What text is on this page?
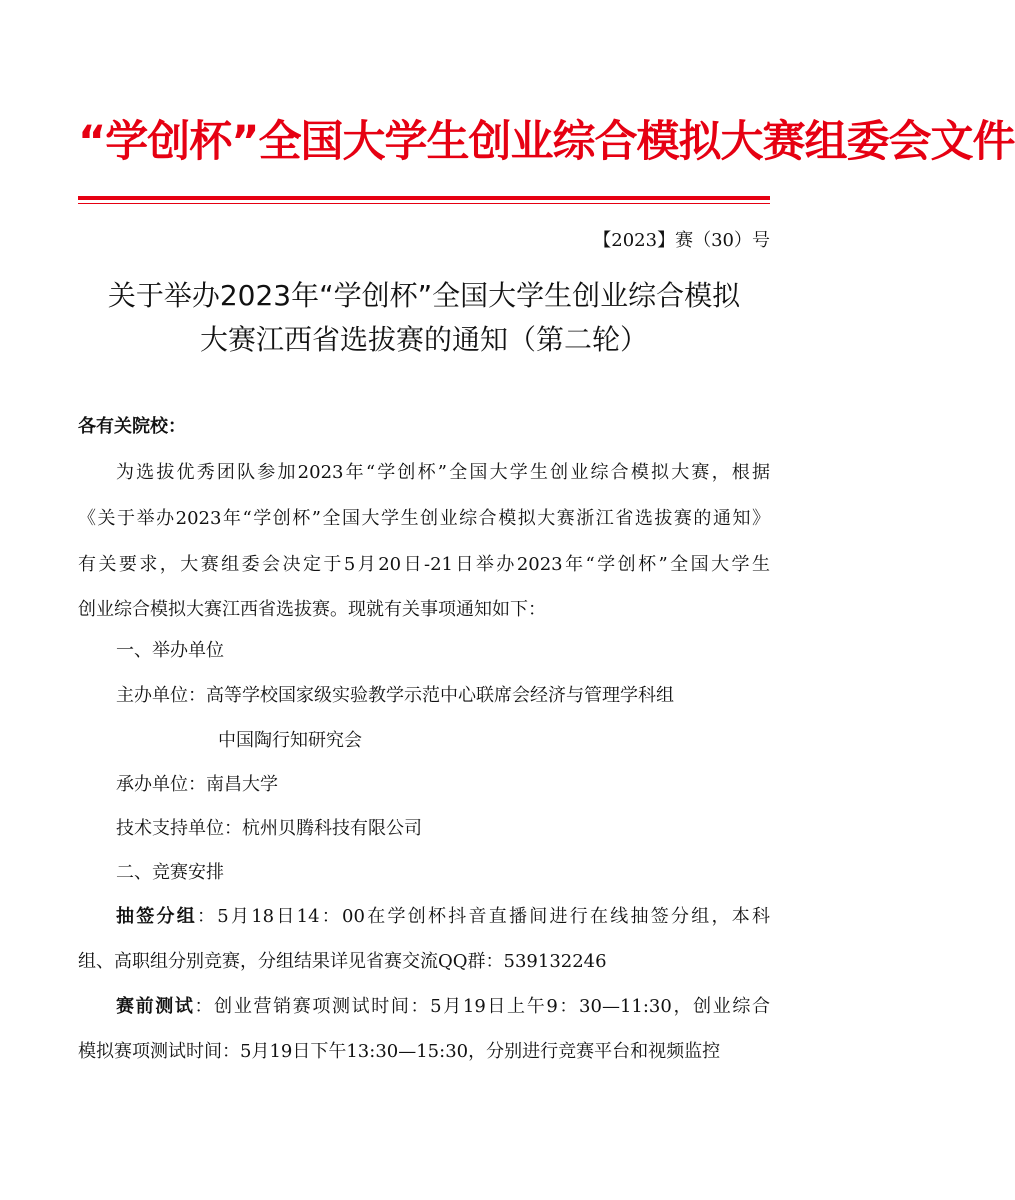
“学创杯”全国大学生创业综合模拟大赛组委会文件
【2023】赛（30）号
关于举办2023年“学创杯”全国大学生创业综合模拟
大赛江西省选拔赛的通知（第二轮）
各有关院校：
为选拔优秀团队参加2023年“学创杯”全国大学生创业综合模拟大赛，根据
《关于举办2023年“学创杯”全国大学生创业综合模拟大赛浙江省选拔赛的通知》
有关要求，大赛组委会决定于5月20日-21日举办2023年“学创杯”全国大学生
创业综合模拟大赛江西省选拔赛。现就有关事项通知如下：
一、举办单位
主办单位：高等学校国家级实验教学示范中心联席会经济与管理学科组
中国陶行知研究会
承办单位：南昌大学
技术支持单位：杭州贝腾科技有限公司
二、竞赛安排
抽签分组：5月18日14：00在学创杯抖音直播间进行在线抽签分组，本科
组、高职组分别竞赛，分组结果详见省赛交流QQ群：539132246
赛前测试：创业营销赛项测试时间：5月19日上午9：30—11:30，创业综合
模拟赛项测试时间：5月19日下午13:30—15:30，分别进行竞赛平台和视频监控
